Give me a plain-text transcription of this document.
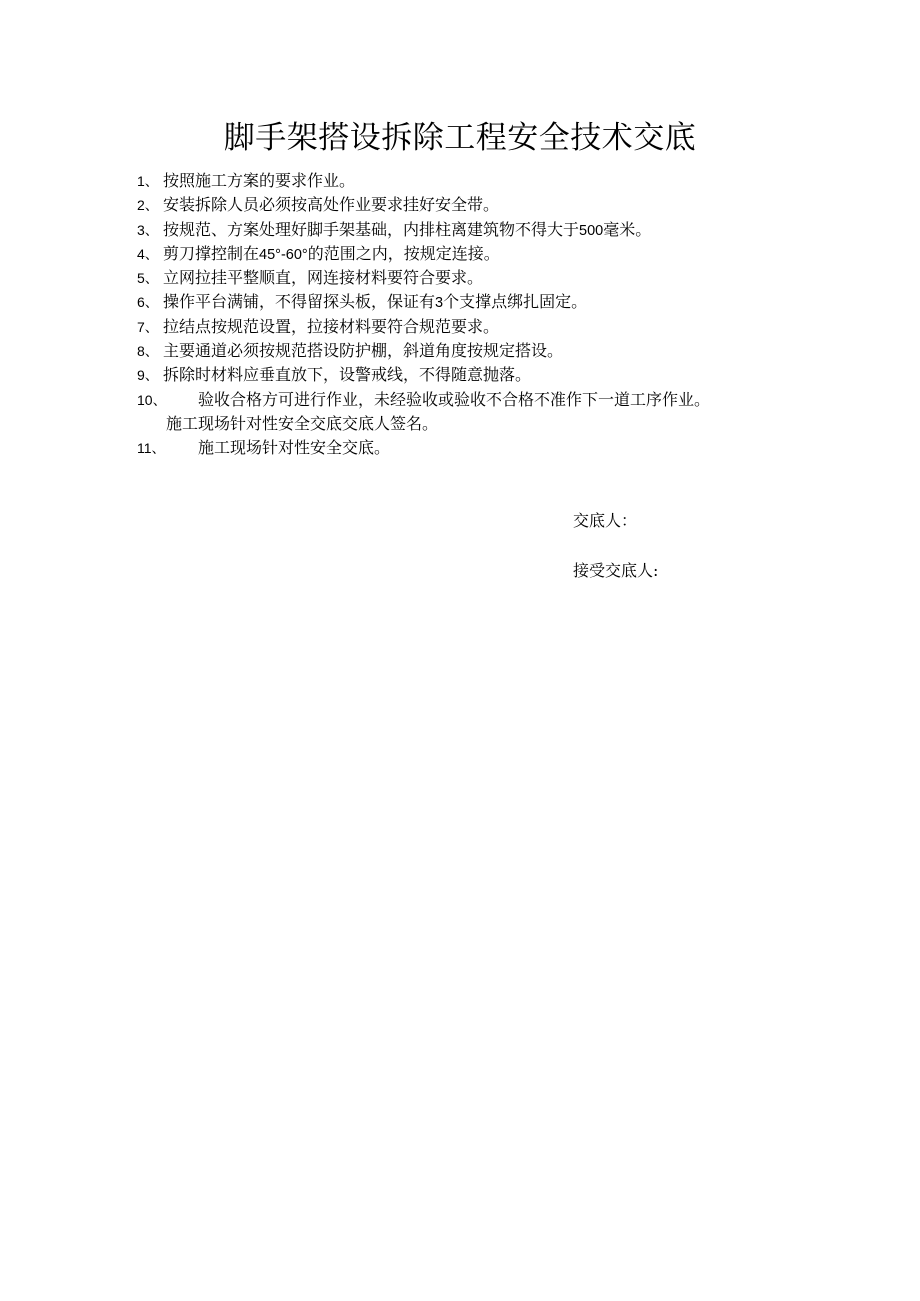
脚手架搭设拆除工程安全技术交底
1、 按照施工方案的要求作业。
2、 安装拆除人员必须按高处作业要求挂好安全带。
3、 按规范、方案处理好脚手架基础，内排柱离建筑物不得大于500毫米。
4、 剪刀撑控制在45°-60°的范围之内，按规定连接。
5、 立网拉挂平整顺直，网连接材料要符合要求。
6、 操作平台满铺，不得留探头板，保证有3个支撑点绑扎固定。
7、 拉结点按规范设置，拉接材料要符合规范要求。
8、 主要通道必须按规范搭设防护棚，斜道角度按规定搭设。
9、 拆除时材料应垂直放下，设警戒线，不得随意抛落。
10、	验收合格方可进行作业，未经验收或验收不合格不准作下一道工序作业。
施工现场针对性安全交底交底人签名。
11、	施工现场针对性安全交底。
交底人：
接受交底人:
